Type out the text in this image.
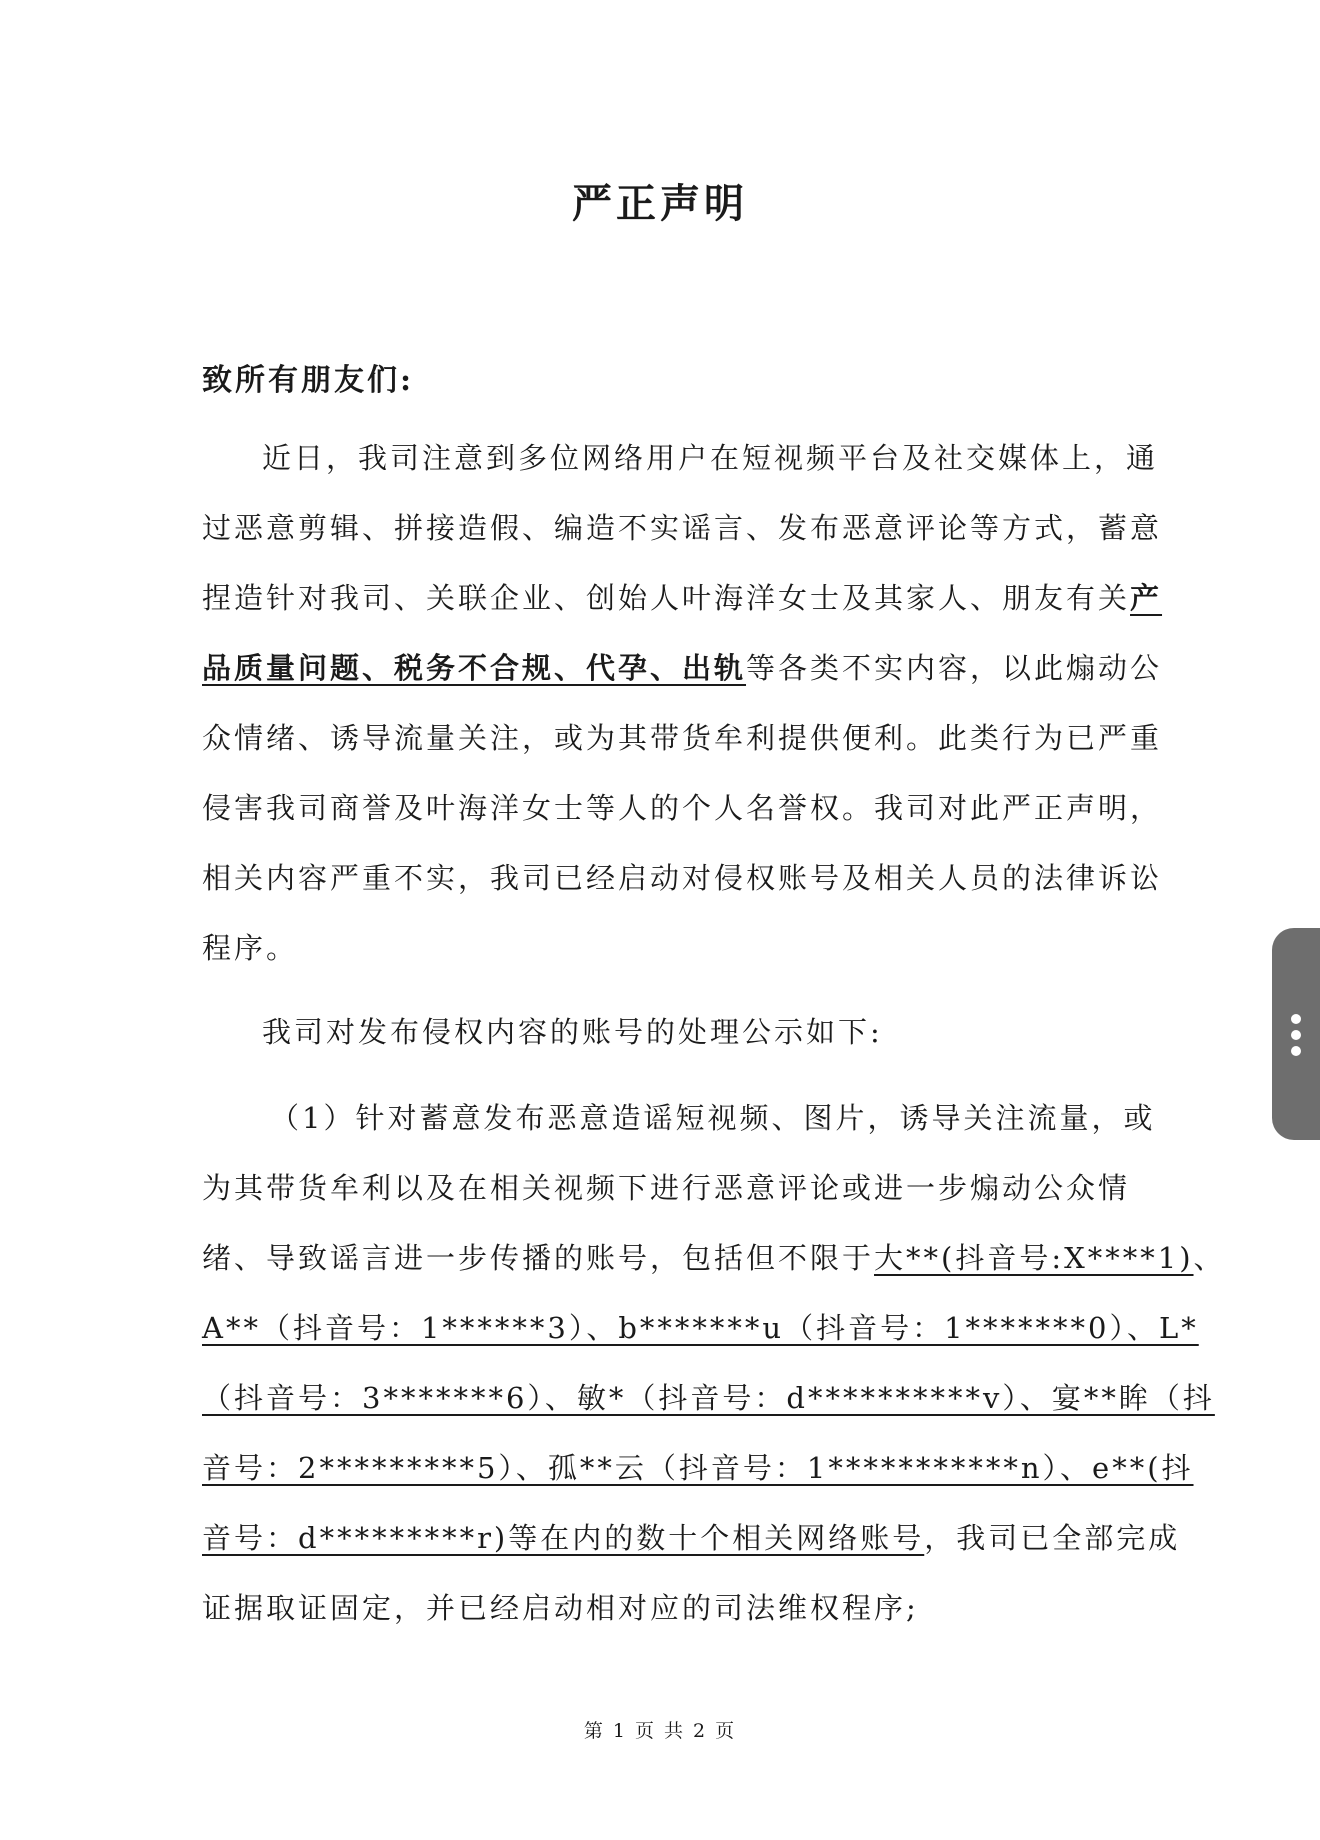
严正声明
致所有朋友们:
近日，我司注意到多位网络用户在短视频平台及社交媒体上，通
过恶意剪辑、拼接造假、编造不实谣言、发布恶意评论等方式，蓄意
捏造针对我司、关联企业、创始人叶海洋女士及其家人、朋友有关产
品质量问题、税务不合规、代孕、出轨等各类不实内容，以此煽动公
众情绪、诱导流量关注，或为其带货牟利提供便利。此类行为已严重
侵害我司商誉及叶海洋女士等人的个人名誉权。我司对此严正声明，
相关内容严重不实，我司已经启动对侵权账号及相关人员的法律诉讼
程序。
我司对发布侵权内容的账号的处理公示如下:
（1）针对蓄意发布恶意造谣短视频、图片，诱导关注流量，或
为其带货牟利以及在相关视频下进行恶意评论或进一步煽动公众情
绪、导致谣言进一步传播的账号，包括但不限于大**(抖音号:X****1)、
A**（抖音号：1******3）、b*******u（抖音号：1*******0）、L*
（抖音号：3*******6）、敏*（抖音号：d**********v）、宴**眸（抖
音号：2*********5）、孤**云（抖音号：1***********n）、e**(抖
音号：d*********r)等在内的数十个相关网络账号，我司已全部完成
证据取证固定，并已经启动相对应的司法维权程序;
第 1 页 共 2 页
